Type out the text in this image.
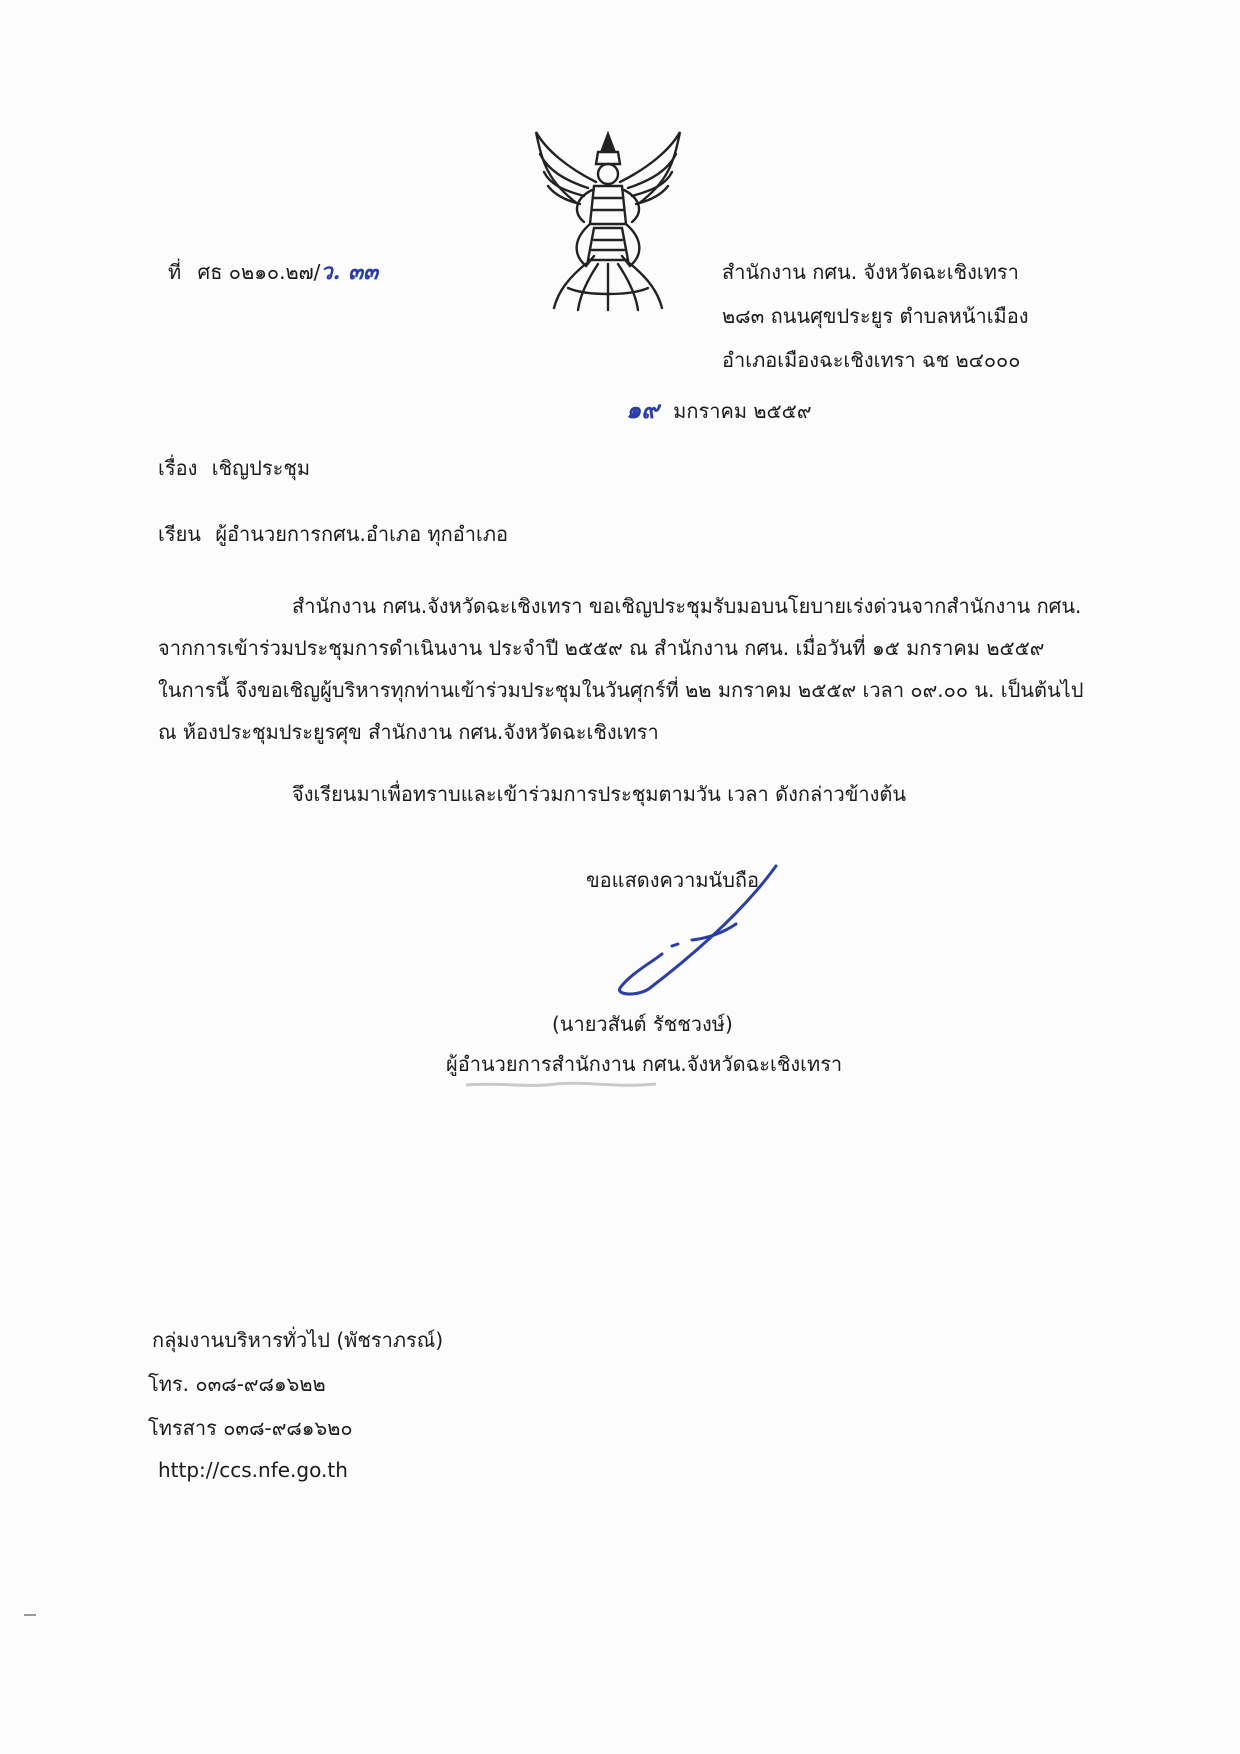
ที่ ศธ ๐๒๑๐.๒๗/ว. ๓๓	สำนักงาน กศน. จังหวัดฉะเชิงเทรา
๒๘๓ ถนนศุขประยูร ตำบลหน้าเมือง
อำเภอเมืองฉะเชิงเทรา ฉช ๒๔๐๐๐
๑๙ มกราคม ๒๕๕๙
เรื่อง เชิญประชุม
เรียน ผู้อำนวยการกศน.อำเภอ ทุกอำเภอ
สำนักงาน กศน.จังหวัดฉะเชิงเทรา ขอเชิญประชุมรับมอบนโยบายเร่งด่วนจากสำนักงาน กศน.
จากการเข้าร่วมประชุมการดำเนินงาน ประจำปี ๒๕๕๙ ณ สำนักงาน กศน. เมื่อวันที่ ๑๕ มกราคม ๒๕๕๙
ในการนี้ จึงขอเชิญผู้บริหารทุกท่านเข้าร่วมประชุมในวันศุกร์ที่ ๒๒ มกราคม ๒๕๕๙ เวลา ๐๙.๐๐ น. เป็นต้นไป
ณ ห้องประชุมประยูรศุข สำนักงาน กศน.จังหวัดฉะเชิงเทรา
จึงเรียนมาเพื่อทราบและเข้าร่วมการประชุมตามวัน เวลา ดังกล่าวข้างต้น
ขอแสดงความนับถือ
(นายวสันต์ รัชชวงษ์)
ผู้อำนวยการสำนักงาน กศน.จังหวัดฉะเชิงเทรา
กลุ่มงานบริหารทั่วไป (พัชราภรณ์)
โทร. ๐๓๘-๙๘๑๖๒๒
โทรสาร ๐๓๘-๙๘๑๖๒๐
http://ccs.nfe.go.th
